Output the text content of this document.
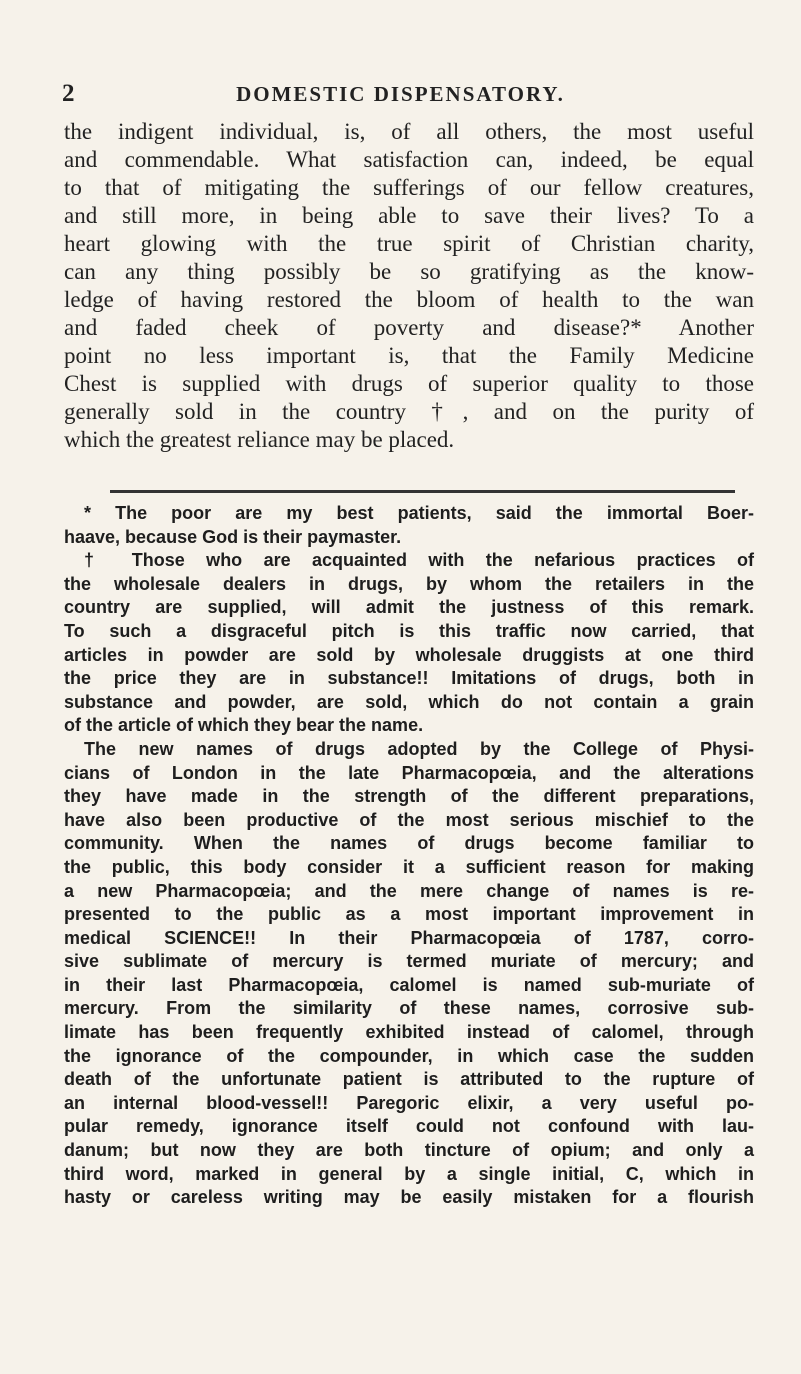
2	DOMESTIC DISPENSATORY.
the indigent individual, is, of all others, the most useful
and commendable. What satisfaction can, indeed, be equal
to that of mitigating the sufferings of our fellow creatures,
and still more, in being able to save their lives? To a
heart glowing with the true spirit of Christian charity,
can any thing possibly be so gratifying as the know-
ledge of having restored the bloom of health to the wan
and faded cheek of poverty and disease?* Another
point no less important is, that the Family Medicine
Chest is supplied with drugs of superior quality to those
generally sold in the country †, and on the purity of
which the greatest reliance may be placed.
* The poor are my best patients, said the immortal Boer-
haave, because God is their paymaster.
† Those who are acquainted with the nefarious practices of
the wholesale dealers in drugs, by whom the retailers in the
country are supplied, will admit the justness of this remark.
To such a disgraceful pitch is this traffic now carried, that
articles in powder are sold by wholesale druggists at one third
the price they are in substance!! Imitations of drugs, both in
substance and powder, are sold, which do not contain a grain
of the article of which they bear the name.
The new names of drugs adopted by the College of Physi-
cians of London in the late Pharmacopœia, and the alterations
they have made in the strength of the different preparations,
have also been productive of the most serious mischief to the
community. When the names of drugs become familiar to
the public, this body consider it a sufficient reason for making
a new Pharmacopœia; and the mere change of names is re-
presented to the public as a most important improvement in
medical SCIENCE!! In their Pharmacopœia of 1787, corro-
sive sublimate of mercury is termed muriate of mercury; and
in their last Pharmacopœia, calomel is named sub-muriate of
mercury. From the similarity of these names, corrosive sub-
limate has been frequently exhibited instead of calomel, through
the ignorance of the compounder, in which case the sudden
death of the unfortunate patient is attributed to the rupture of
an internal blood-vessel!! Paregoric elixir, a very useful po-
pular remedy, ignorance itself could not confound with lau-
danum; but now they are both tincture of opium; and only a
third word, marked in general by a single initial, C, which in
hasty or careless writing may be easily mistaken for a flourish
